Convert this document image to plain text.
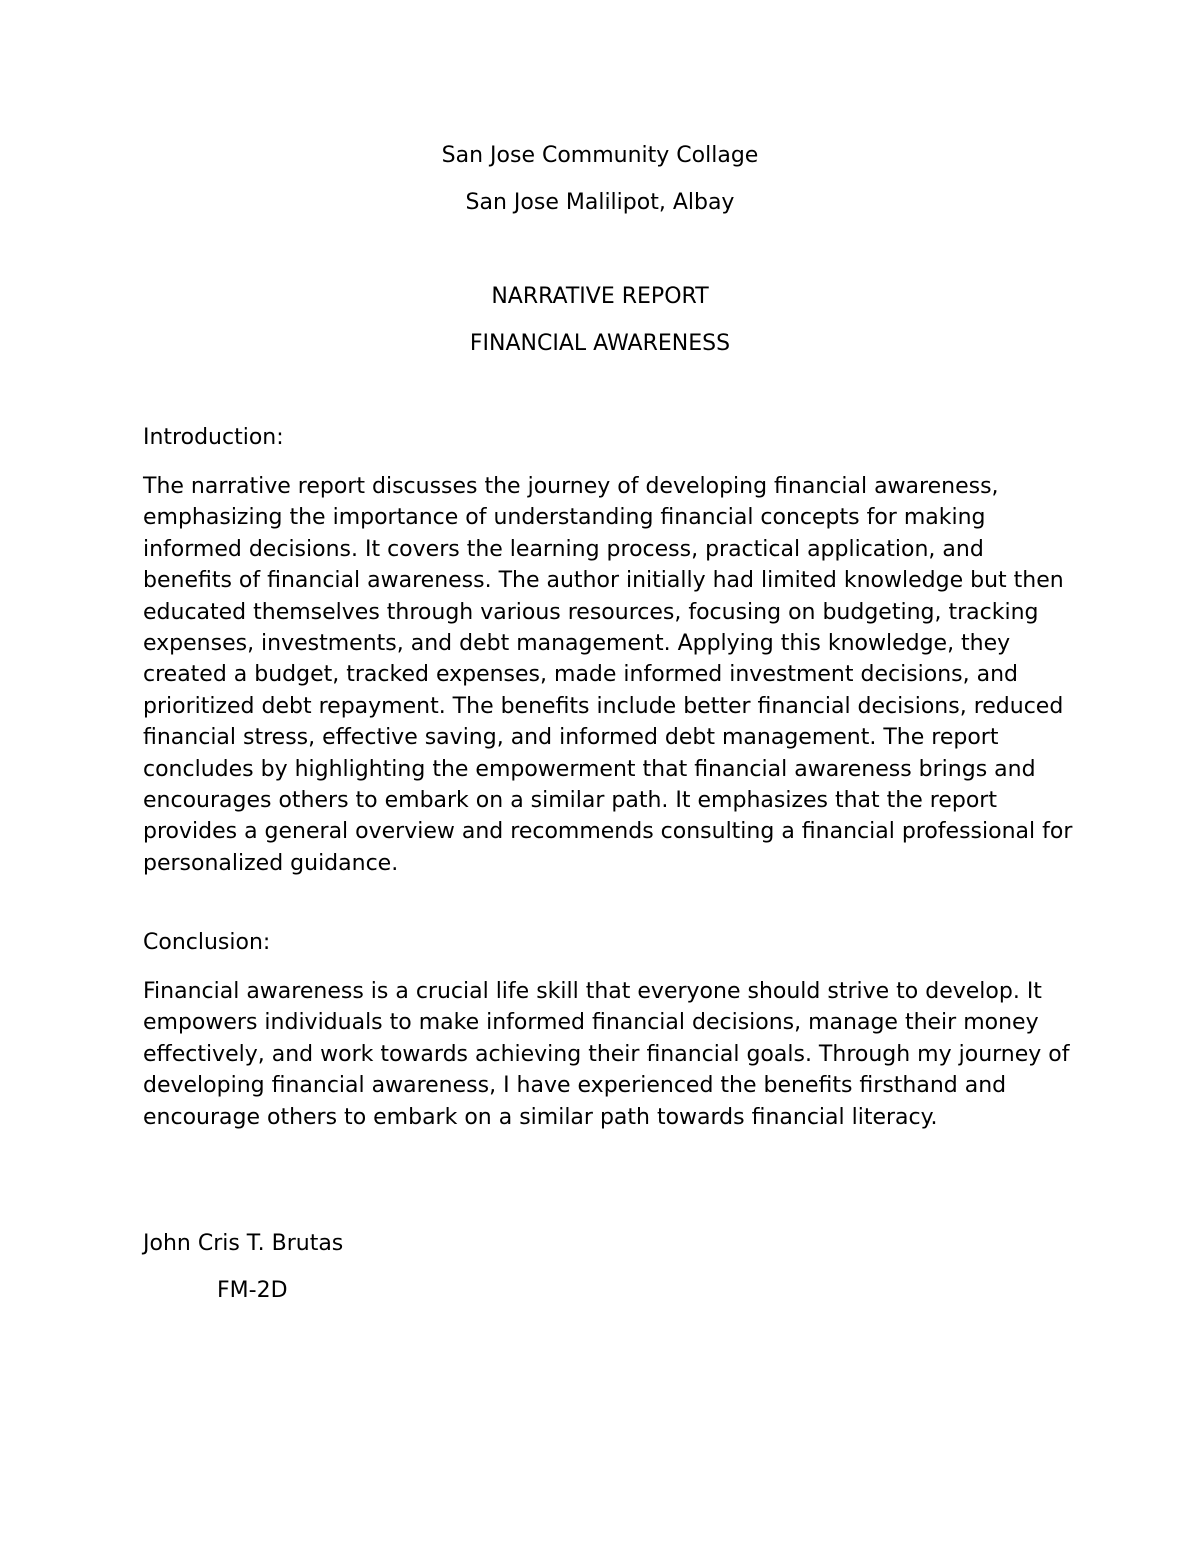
San Jose Community Collage
San Jose Malilipot, Albay
NARRATIVE REPORT
FINANCIAL AWARENESS
Introduction:

The narrative report discusses the journey of developing financial awareness, emphasizing the importance of understanding financial concepts for making informed decisions. It covers the learning process, practical application, and benefits of financial awareness. The author initially had limited knowledge but then educated themselves through various resources, focusing on budgeting, tracking expenses, investments, and debt management. Applying this knowledge, they created a budget, tracked expenses, made informed investment decisions, and prioritized debt repayment. The benefits include better financial decisions, reduced financial stress, effective saving, and informed debt management. The report concludes by highlighting the empowerment that financial awareness brings and encourages others to embark on a similar path. It emphasizes that the report provides a general overview and recommends consulting a financial professional for personalized guidance.

Conclusion:

Financial awareness is a crucial life skill that everyone should strive to develop. It empowers individuals to make informed financial decisions, manage their money effectively, and work towards achieving their financial goals. Through my journey of developing financial awareness, I have experienced the benefits firsthand and encourage others to embark on a similar path towards financial literacy.

John Cris T. Brutas
FM-2D
